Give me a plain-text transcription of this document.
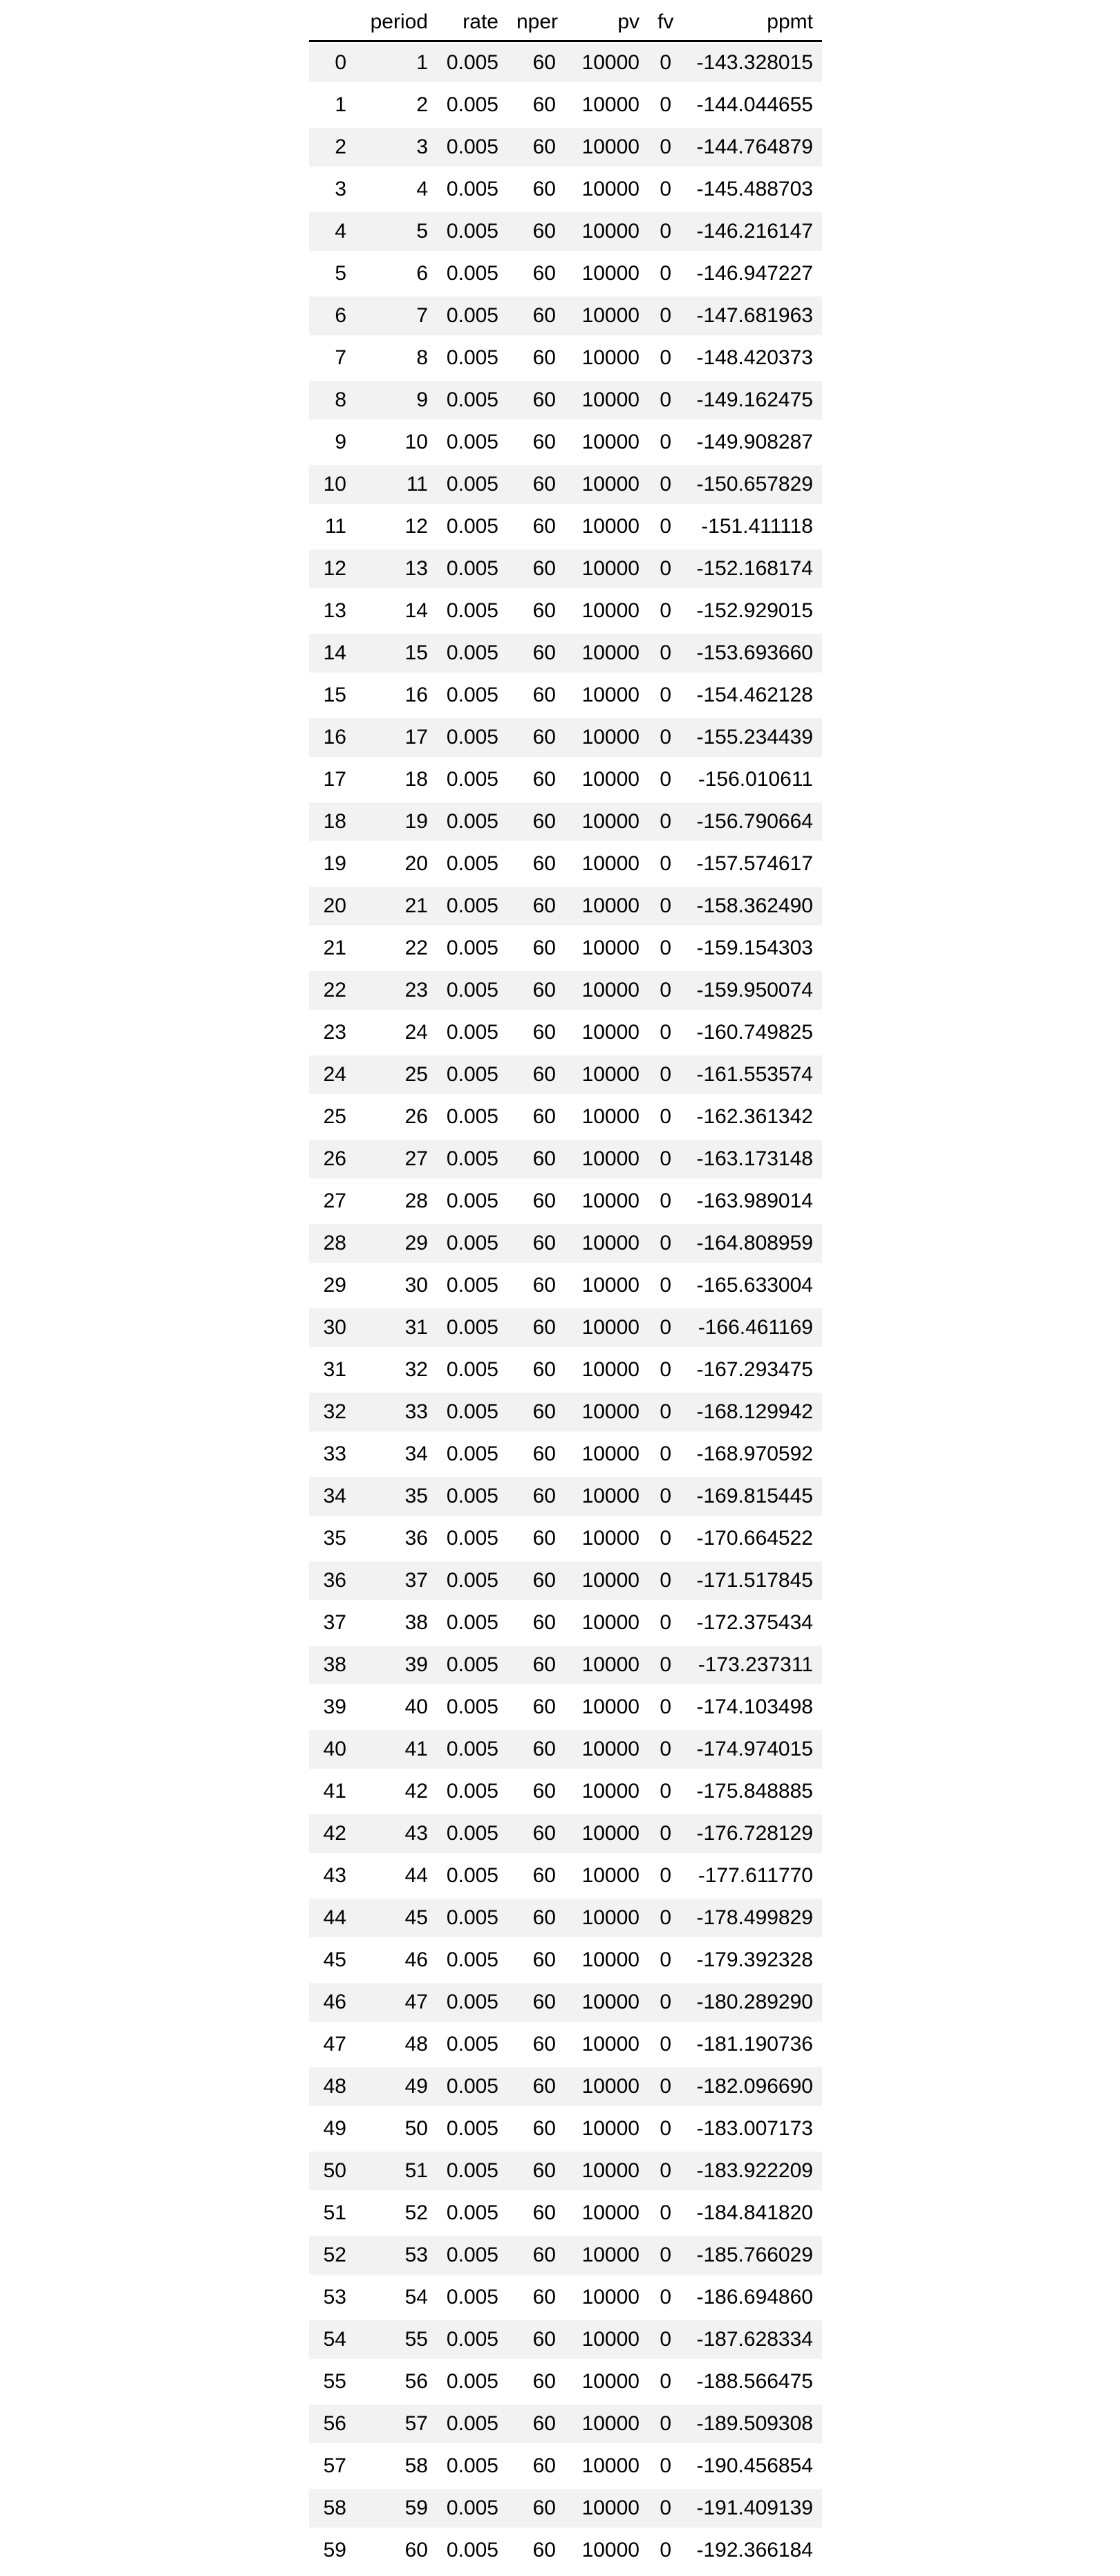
	period	rate	nper	pv	fv	ppmt
0	1	0.005	60	10000	0	-143.328015
1	2	0.005	60	10000	0	-144.044655
2	3	0.005	60	10000	0	-144.764879
3	4	0.005	60	10000	0	-145.488703
4	5	0.005	60	10000	0	-146.216147
5	6	0.005	60	10000	0	-146.947227
6	7	0.005	60	10000	0	-147.681963
7	8	0.005	60	10000	0	-148.420373
8	9	0.005	60	10000	0	-149.162475
9	10	0.005	60	10000	0	-149.908287
10	11	0.005	60	10000	0	-150.657829
11	12	0.005	60	10000	0	-151.411118
12	13	0.005	60	10000	0	-152.168174
13	14	0.005	60	10000	0	-152.929015
14	15	0.005	60	10000	0	-153.693660
15	16	0.005	60	10000	0	-154.462128
16	17	0.005	60	10000	0	-155.234439
17	18	0.005	60	10000	0	-156.010611
18	19	0.005	60	10000	0	-156.790664
19	20	0.005	60	10000	0	-157.574617
20	21	0.005	60	10000	0	-158.362490
21	22	0.005	60	10000	0	-159.154303
22	23	0.005	60	10000	0	-159.950074
23	24	0.005	60	10000	0	-160.749825
24	25	0.005	60	10000	0	-161.553574
25	26	0.005	60	10000	0	-162.361342
26	27	0.005	60	10000	0	-163.173148
27	28	0.005	60	10000	0	-163.989014
28	29	0.005	60	10000	0	-164.808959
29	30	0.005	60	10000	0	-165.633004
30	31	0.005	60	10000	0	-166.461169
31	32	0.005	60	10000	0	-167.293475
32	33	0.005	60	10000	0	-168.129942
33	34	0.005	60	10000	0	-168.970592
34	35	0.005	60	10000	0	-169.815445
35	36	0.005	60	10000	0	-170.664522
36	37	0.005	60	10000	0	-171.517845
37	38	0.005	60	10000	0	-172.375434
38	39	0.005	60	10000	0	-173.237311
39	40	0.005	60	10000	0	-174.103498
40	41	0.005	60	10000	0	-174.974015
41	42	0.005	60	10000	0	-175.848885
42	43	0.005	60	10000	0	-176.728129
43	44	0.005	60	10000	0	-177.611770
44	45	0.005	60	10000	0	-178.499829
45	46	0.005	60	10000	0	-179.392328
46	47	0.005	60	10000	0	-180.289290
47	48	0.005	60	10000	0	-181.190736
48	49	0.005	60	10000	0	-182.096690
49	50	0.005	60	10000	0	-183.007173
50	51	0.005	60	10000	0	-183.922209
51	52	0.005	60	10000	0	-184.841820
52	53	0.005	60	10000	0	-185.766029
53	54	0.005	60	10000	0	-186.694860
54	55	0.005	60	10000	0	-187.628334
55	56	0.005	60	10000	0	-188.566475
56	57	0.005	60	10000	0	-189.509308
57	58	0.005	60	10000	0	-190.456854
58	59	0.005	60	10000	0	-191.409139
59	60	0.005	60	10000	0	-192.366184
